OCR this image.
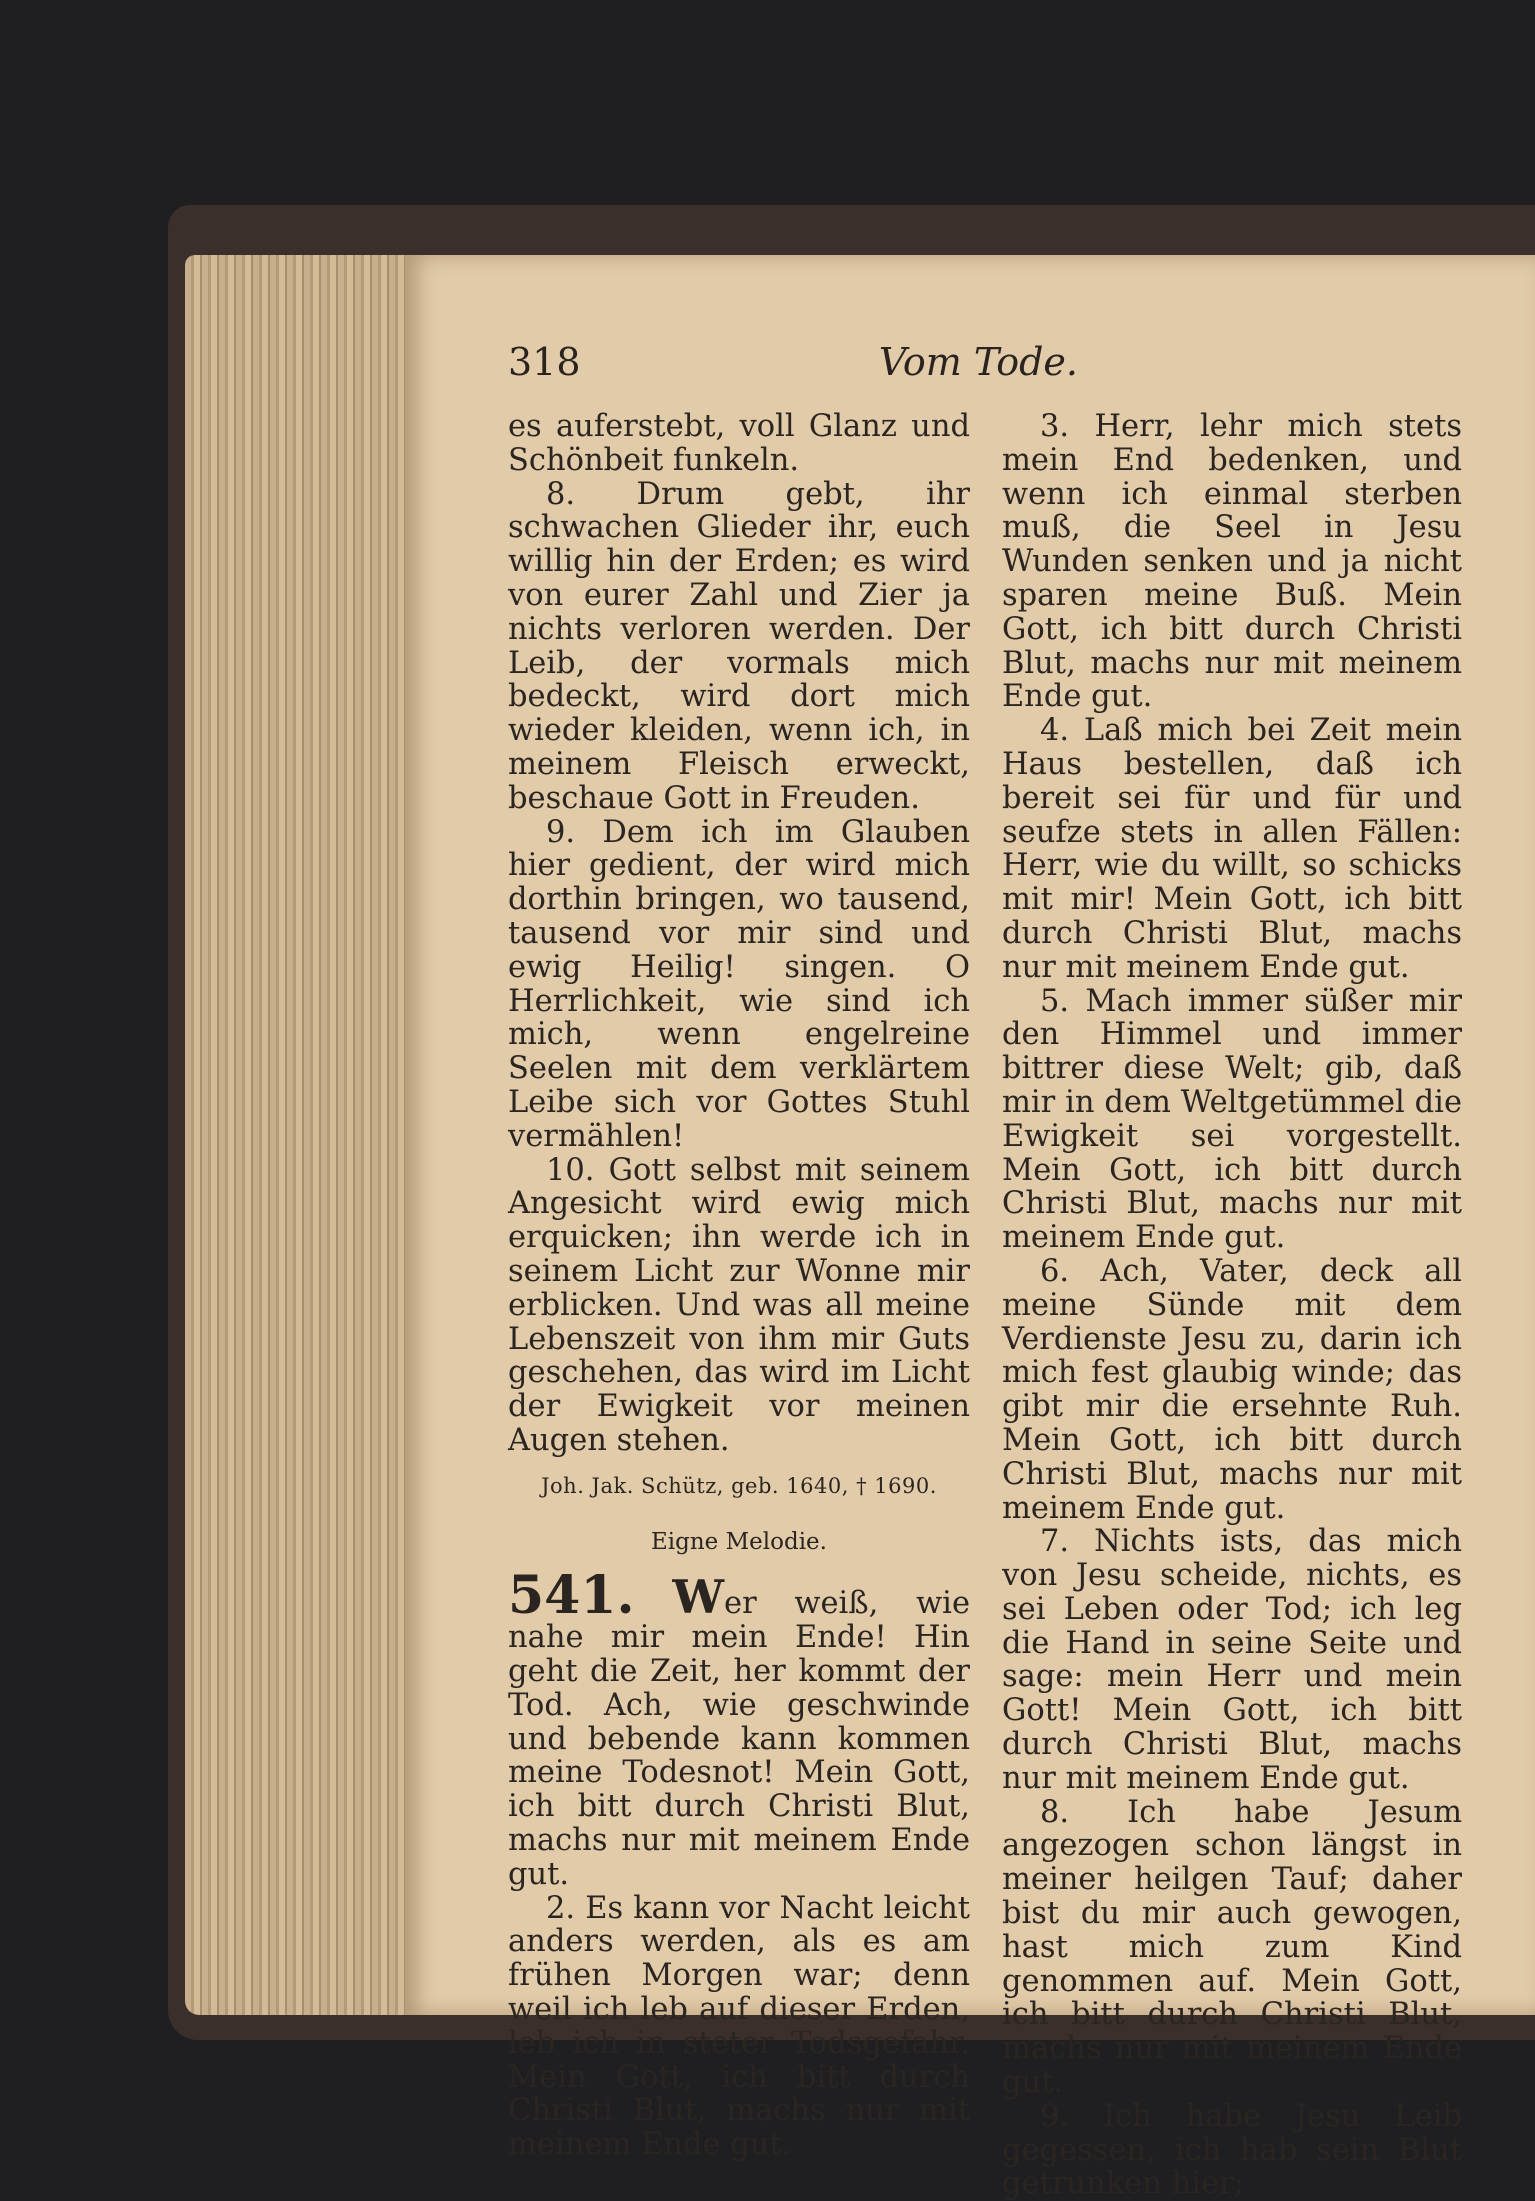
318	Vom Tode.

es auferstebt, voll Glanz und Schönbeit funkeln.

8. Drum gebt, ihr schwachen Glieder ihr, euch willig hin der Erden; es wird von eurer Zahl und Zier ja nichts verloren werden. Der Leib, der vormals mich bedeckt, wird dort mich wieder kleiden, wenn ich, in meinem Fleisch erweckt, beschaue Gott in Freuden.

9. Dem ich im Glauben hier gedient, der wird mich dorthin bringen, wo tausend, tausend vor mir sind und ewig Heilig! singen. O Herrlichkeit, wie sind ich mich, wenn engelreine Seelen mit dem verklärtem Leibe sich vor Gottes Stuhl vermählen!

10. Gott selbst mit seinem Angesicht wird ewig mich erquicken; ihn werde ich in seinem Licht zur Wonne mir erblicken. Und was all meine Lebenszeit von ihm mir Guts geschehen, das wird im Licht der Ewigkeit vor meinen Augen stehen.

Joh. Jak. Schütz, geb. 1640, † 1690.

Eigne Melodie.

541. Wer weiß, wie nahe mir mein Ende! Hin geht die Zeit, her kommt der Tod. Ach, wie geschwinde und bebende kann kommen meine Todesnot! Mein Gott, ich bitt durch Christi Blut, machs nur mit meinem Ende gut.

2. Es kann vor Nacht leicht anders werden, als es am frühen Morgen war; denn weil ich leb auf dieser Erden, leb ich in steter Todsgefahr. Mein Gott, ich bitt durch Christi Blut, machs nur mit meinem Ende gut.

3. Herr, lehr mich stets mein End bedenken, und wenn ich einmal sterben muß, die Seel in Jesu Wunden senken und ja nicht sparen meine Buß. Mein Gott, ich bitt durch Christi Blut, machs nur mit meinem Ende gut.

4. Laß mich bei Zeit mein Haus bestellen, daß ich bereit sei für und für und seufze stets in allen Fällen: Herr, wie du willt, so schicks mit mir! Mein Gott, ich bitt durch Christi Blut, machs nur mit meinem Ende gut.

5. Mach immer süßer mir den Himmel und immer bittrer diese Welt; gib, daß mir in dem Weltgetümmel die Ewigkeit sei vorgestellt. Mein Gott, ich bitt durch Christi Blut, machs nur mit meinem Ende gut.

6. Ach, Vater, deck all meine Sünde mit dem Verdienste Jesu zu, darin ich mich fest glaubig winde; das gibt mir die ersehnte Ruh. Mein Gott, ich bitt durch Christi Blut, machs nur mit meinem Ende gut.

7. Nichts ists, das mich von Jesu scheide, nichts, es sei Leben oder Tod; ich leg die Hand in seine Seite und sage: mein Herr und mein Gott! Mein Gott, ich bitt durch Christi Blut, machs nur mit meinem Ende gut.

8. Ich habe Jesum angezogen schon längst in meiner heilgen Tauf; daher bist du mir auch gewogen, hast mich zum Kind genommen auf. Mein Gott, ich bitt durch Christi Blut, machs nur mit meinem Ende gut.

9. Ich habe Jesu Leib gegessen, ich hab sein Blut getrunken hier;
